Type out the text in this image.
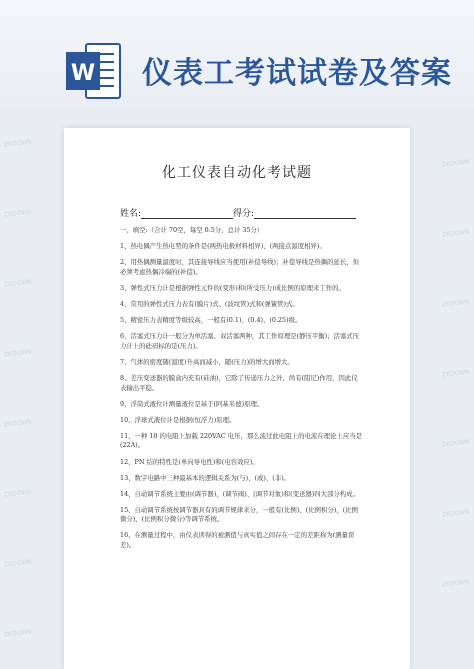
W 仪表工考试试卷及答案
ZKDOWN
ZKDOWN
ZKDOWN
ZKDOWN
ZKDOWN
ZKDOWN
ZKDOWN
ZKDOWN
ZKDOWN
ZKDOWN
ZKDOWN
ZKDOWN
ZKDOWN
ZKDOWN
ZKDOWN
化工仪表自动化考试题
姓名:	得分:

一、填空:（合计 70空，每空 0.5分，总计 35分）

1、热电偶产生热电势的条件是(两热电极材料相异)、(两接点温度相异)。

2、用热偶测量温度时，其连接导线应当使用(补偿导线)；补偿导线是热偶的延长，但必须考虑热偶冷端的(补偿)。

3、弹性式压力计是根据弹性元件的(变形)和(所受压力)成比例的原理来工作的。

4、常用的弹性式压力表有(膜片)式、(波纹管)式和(弹簧管)式。

5、精密压力表精度等级较高，一般有(0.1)、(0.4)、(0.25)级。

6、活塞式压力计一般分为单活塞、双活塞两种，其工作原理是(静压平衡)；活塞式压力计上的砝码标的是(压力)。

7、气体的密度随(温度)升高而减小，随(压力)的增大而增大。

8、差压变送器的膜盒内充有(硅油)，它除了传递压力之外，尚有(阻尼)作用，因此仪表输出平稳。

9、浮筒式液位计测量液位是基于(阿基米德)原理。

10、浮球式液位计是根据(恒浮力)原理。

11、一种 10 的电阻上加载 220VAC 电压，那么流过此电阻上的电流在理论上应当是(22A)。

12、PN 结的特性是(单向导电性)和(电容效应)。

13、数字电路中三种最基本的逻辑关系为(与)、(或)、(非)。

14、自动调节系统主要由(调节器)、(调节阀)、(调节对象)和(变送器)四大部分构成。

15、自动调节系统按调节器具有的调节规律来分，一般有(比例)、(比例积分)、(比例微分)、(比例积分微分)等调节系统。

16、在测量过程中，由仪表读得的被测值与真实值之间存在一定的差距称为(测量误差)。
